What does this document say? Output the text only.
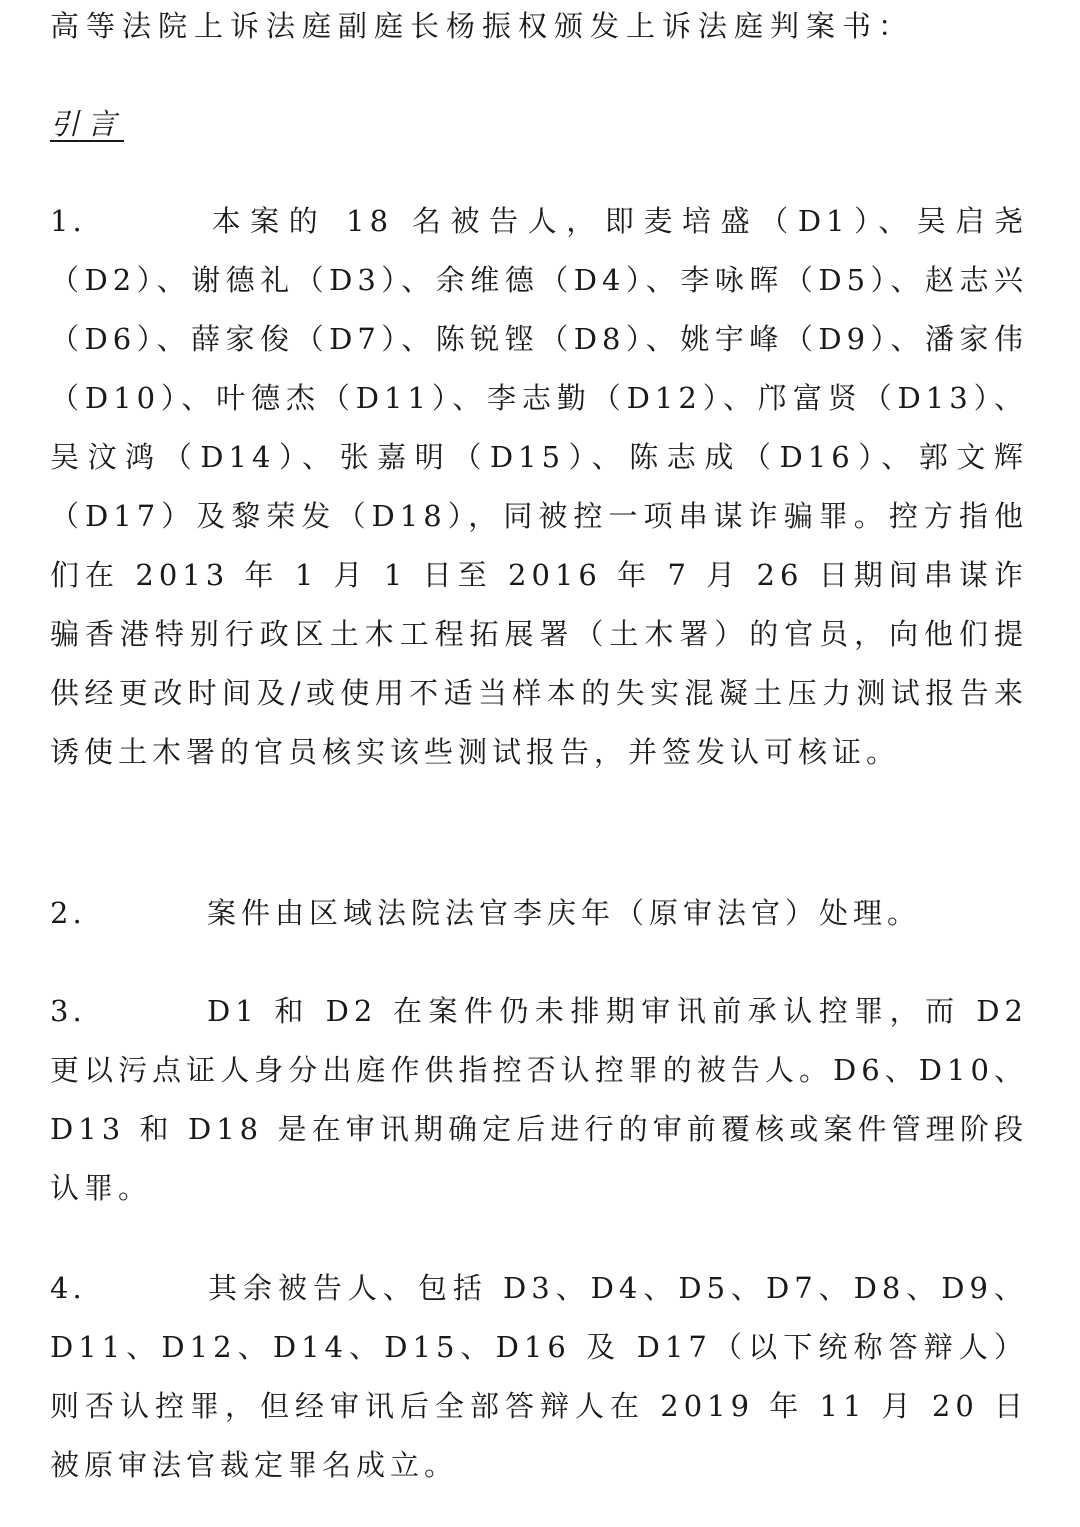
高等法院上诉法庭副庭长杨振权颁发上诉法庭判案书：
引言
1.	本案的 18 名被告人，即麦培盛（D1）、吴启尧（D2）、谢德礼（D3）、余维德（D4）、李咏晖（D5）、赵志兴（D6）、薛家俊（D7）、陈锐铿（D8）、姚宇峰（D9）、潘家伟（D10）、叶德杰（D11）、李志勤（D12）、邝富贤（D13）、吴汶鸿（D14）、张嘉明（D15）、陈志成（D16）、郭文辉（D17）及黎荣发（D18），同被控一项串谋诈骗罪。控方指他们在 2013 年 1 月 1 日至 2016 年 7 月 26 日期间串谋诈骗香港特别行政区土木工程拓展署（土木署）的官员，向他们提供经更改时间及/或使用不适当样本的失实混凝土压力测试报告来诱使土木署的官员核实该些测试报告，并签发认可核证。
2.	案件由区域法院法官李庆年（原审法官）处理。
3.	D1 和 D2 在案件仍未排期审讯前承认控罪，而 D2 更以污点证人身分出庭作供指控否认控罪的被告人。D6、D10、D13 和 D18 是在审讯期确定后进行的审前覆核或案件管理阶段认罪。
4.	其余被告人、包括 D3、D4、D5、D7、D8、D9、D11、D12、D14、D15、D16 及 D17（以下统称答辩人）则否认控罪，但经审讯后全部答辩人在 2019 年 11 月 20 日被原审法官裁定罪名成立。
